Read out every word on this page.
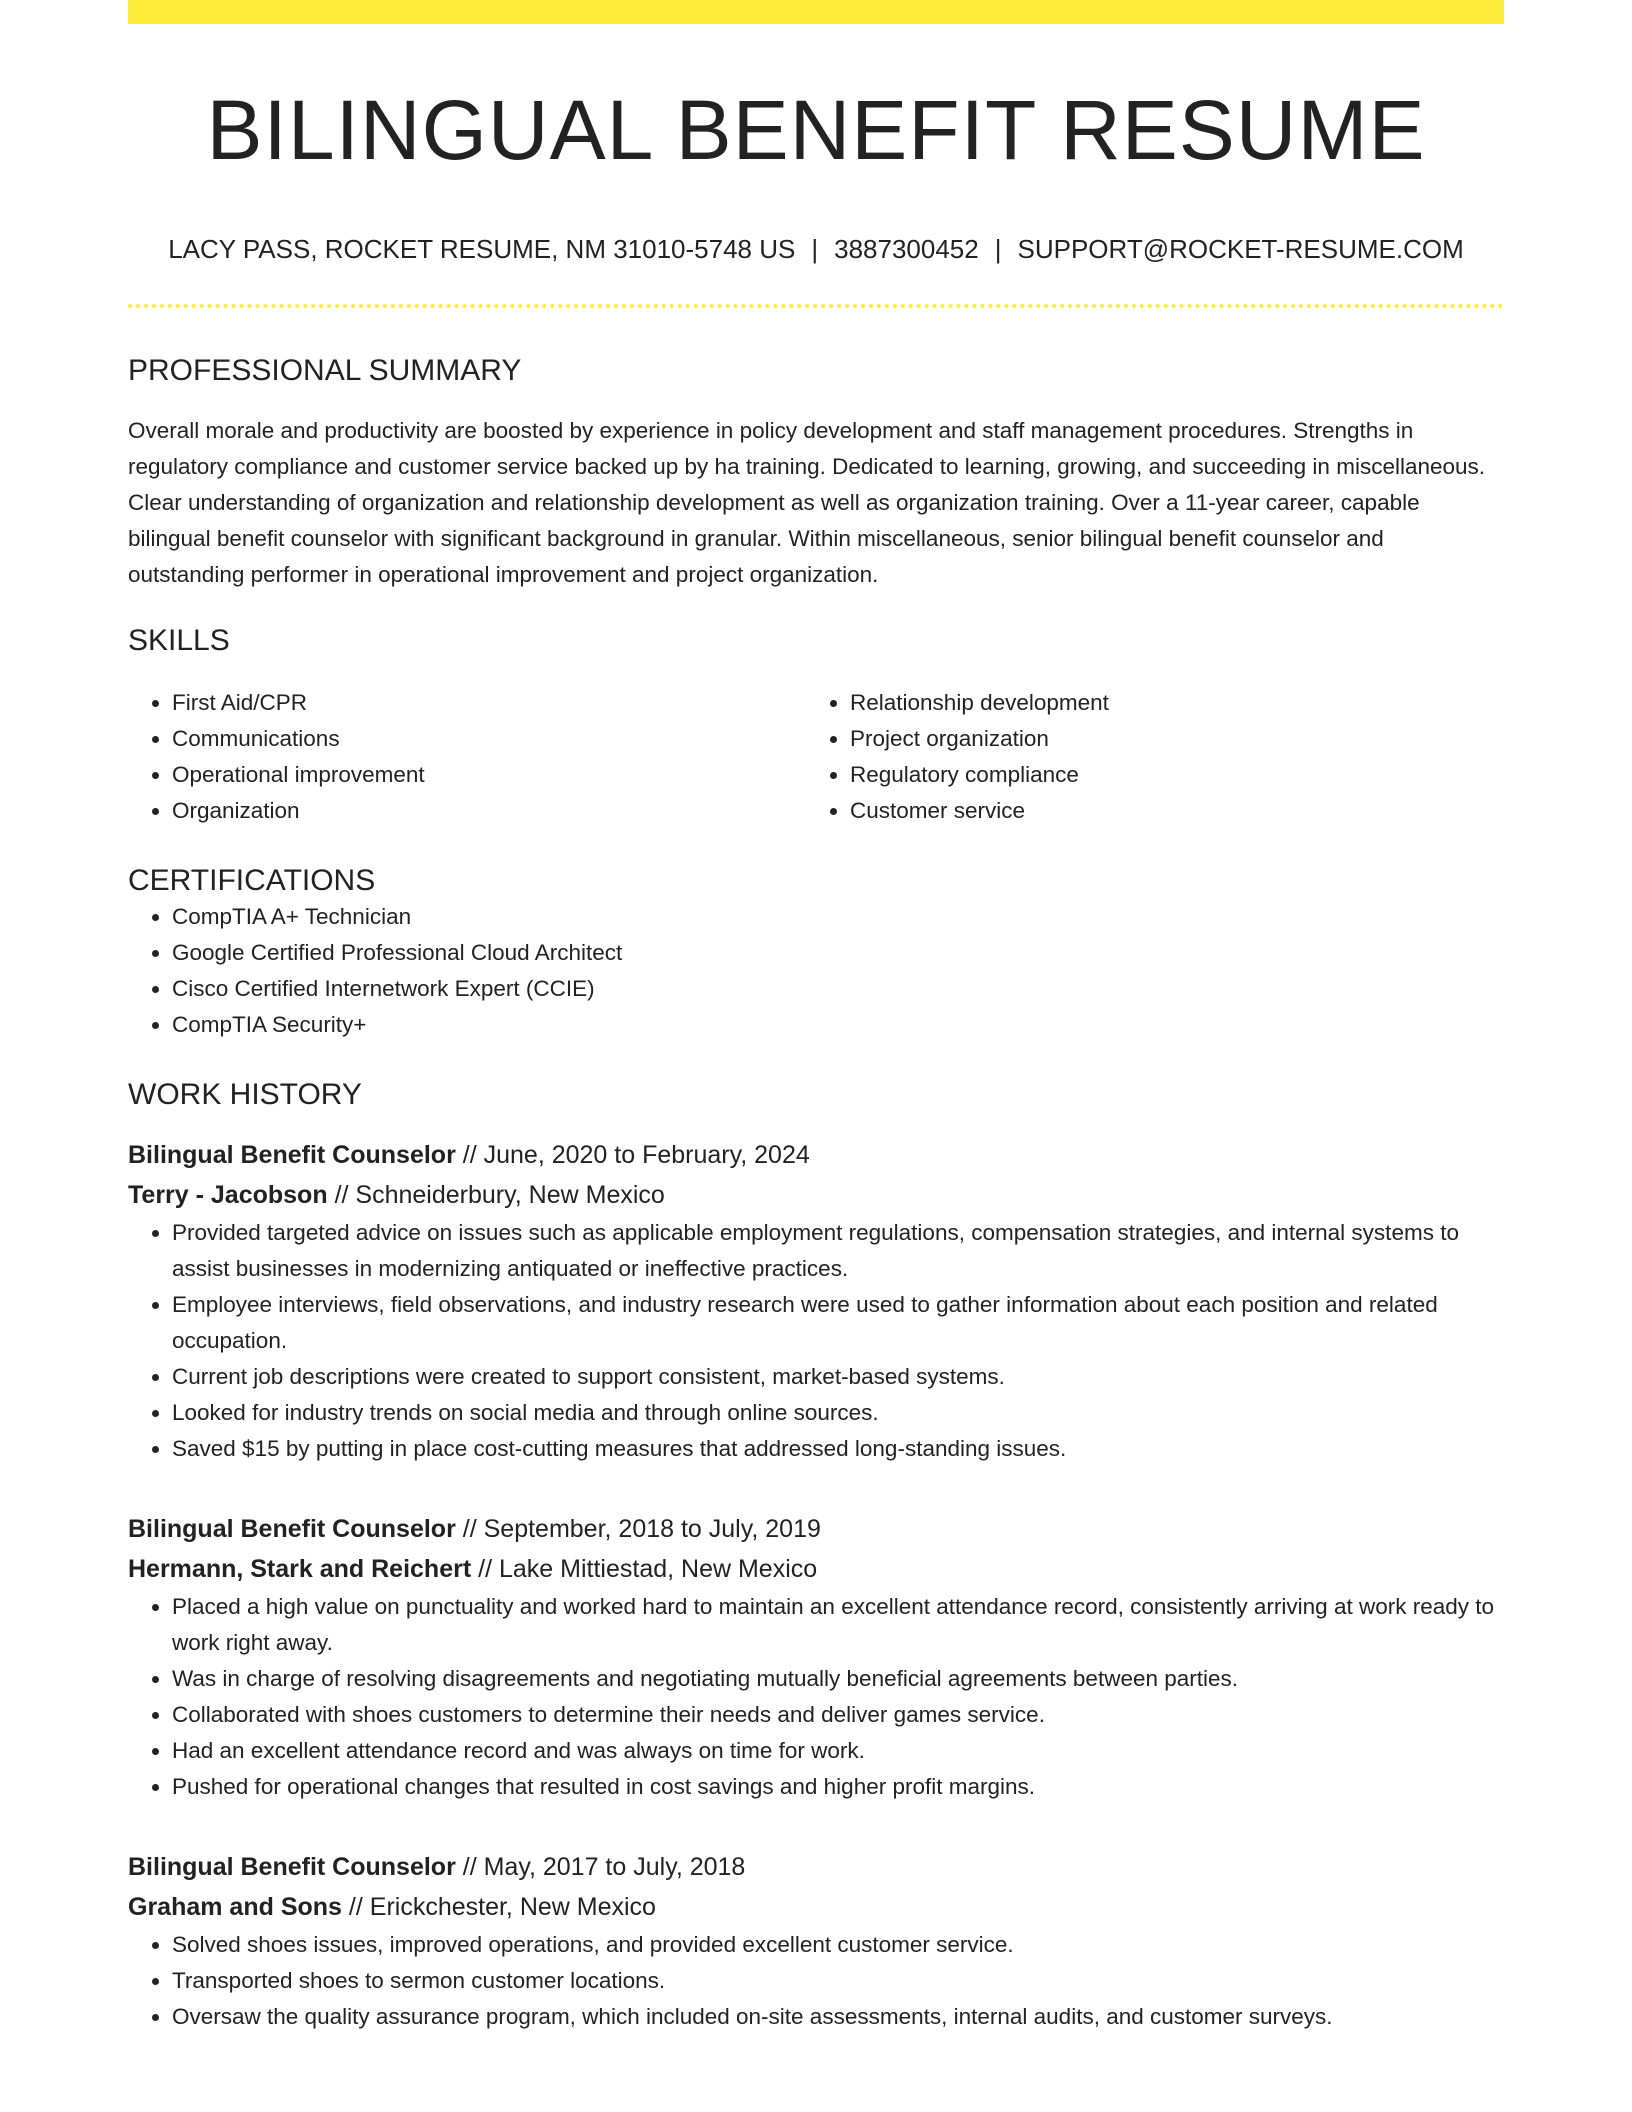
BILINGUAL BENEFIT RESUME
LACY PASS, ROCKET RESUME, NM 31010-5748 US | 3887300452 | SUPPORT@ROCKET-RESUME.COM
PROFESSIONAL SUMMARY
Overall morale and productivity are boosted by experience in policy development and staff management procedures. Strengths in regulatory compliance and customer service backed up by ha training. Dedicated to learning, growing, and succeeding in miscellaneous. Clear understanding of organization and relationship development as well as organization training. Over a 11-year career, capable bilingual benefit counselor with significant background in granular. Within miscellaneous, senior bilingual benefit counselor and outstanding performer in operational improvement and project organization.
SKILLS
• First Aid/CPR
• Communications
• Operational improvement
• Organization
• Relationship development
• Project organization
• Regulatory compliance
• Customer service
CERTIFICATIONS
• CompTIA A+ Technician
• Google Certified Professional Cloud Architect
• Cisco Certified Internetwork Expert (CCIE)
• CompTIA Security+
WORK HISTORY
Bilingual Benefit Counselor // June, 2020 to February, 2024
Terry - Jacobson // Schneiderbury, New Mexico
• Provided targeted advice on issues such as applicable employment regulations, compensation strategies, and internal systems to assist businesses in modernizing antiquated or ineffective practices.
• Employee interviews, field observations, and industry research were used to gather information about each position and related occupation.
• Current job descriptions were created to support consistent, market-based systems.
• Looked for industry trends on social media and through online sources.
• Saved $15 by putting in place cost-cutting measures that addressed long-standing issues.
Bilingual Benefit Counselor // September, 2018 to July, 2019
Hermann, Stark and Reichert // Lake Mittiestad, New Mexico
• Placed a high value on punctuality and worked hard to maintain an excellent attendance record, consistently arriving at work ready to work right away.
• Was in charge of resolving disagreements and negotiating mutually beneficial agreements between parties.
• Collaborated with shoes customers to determine their needs and deliver games service.
• Had an excellent attendance record and was always on time for work.
• Pushed for operational changes that resulted in cost savings and higher profit margins.
Bilingual Benefit Counselor // May, 2017 to July, 2018
Graham and Sons // Erickchester, New Mexico
• Solved shoes issues, improved operations, and provided excellent customer service.
• Transported shoes to sermon customer locations.
• Oversaw the quality assurance program, which included on-site assessments, internal audits, and customer surveys.
